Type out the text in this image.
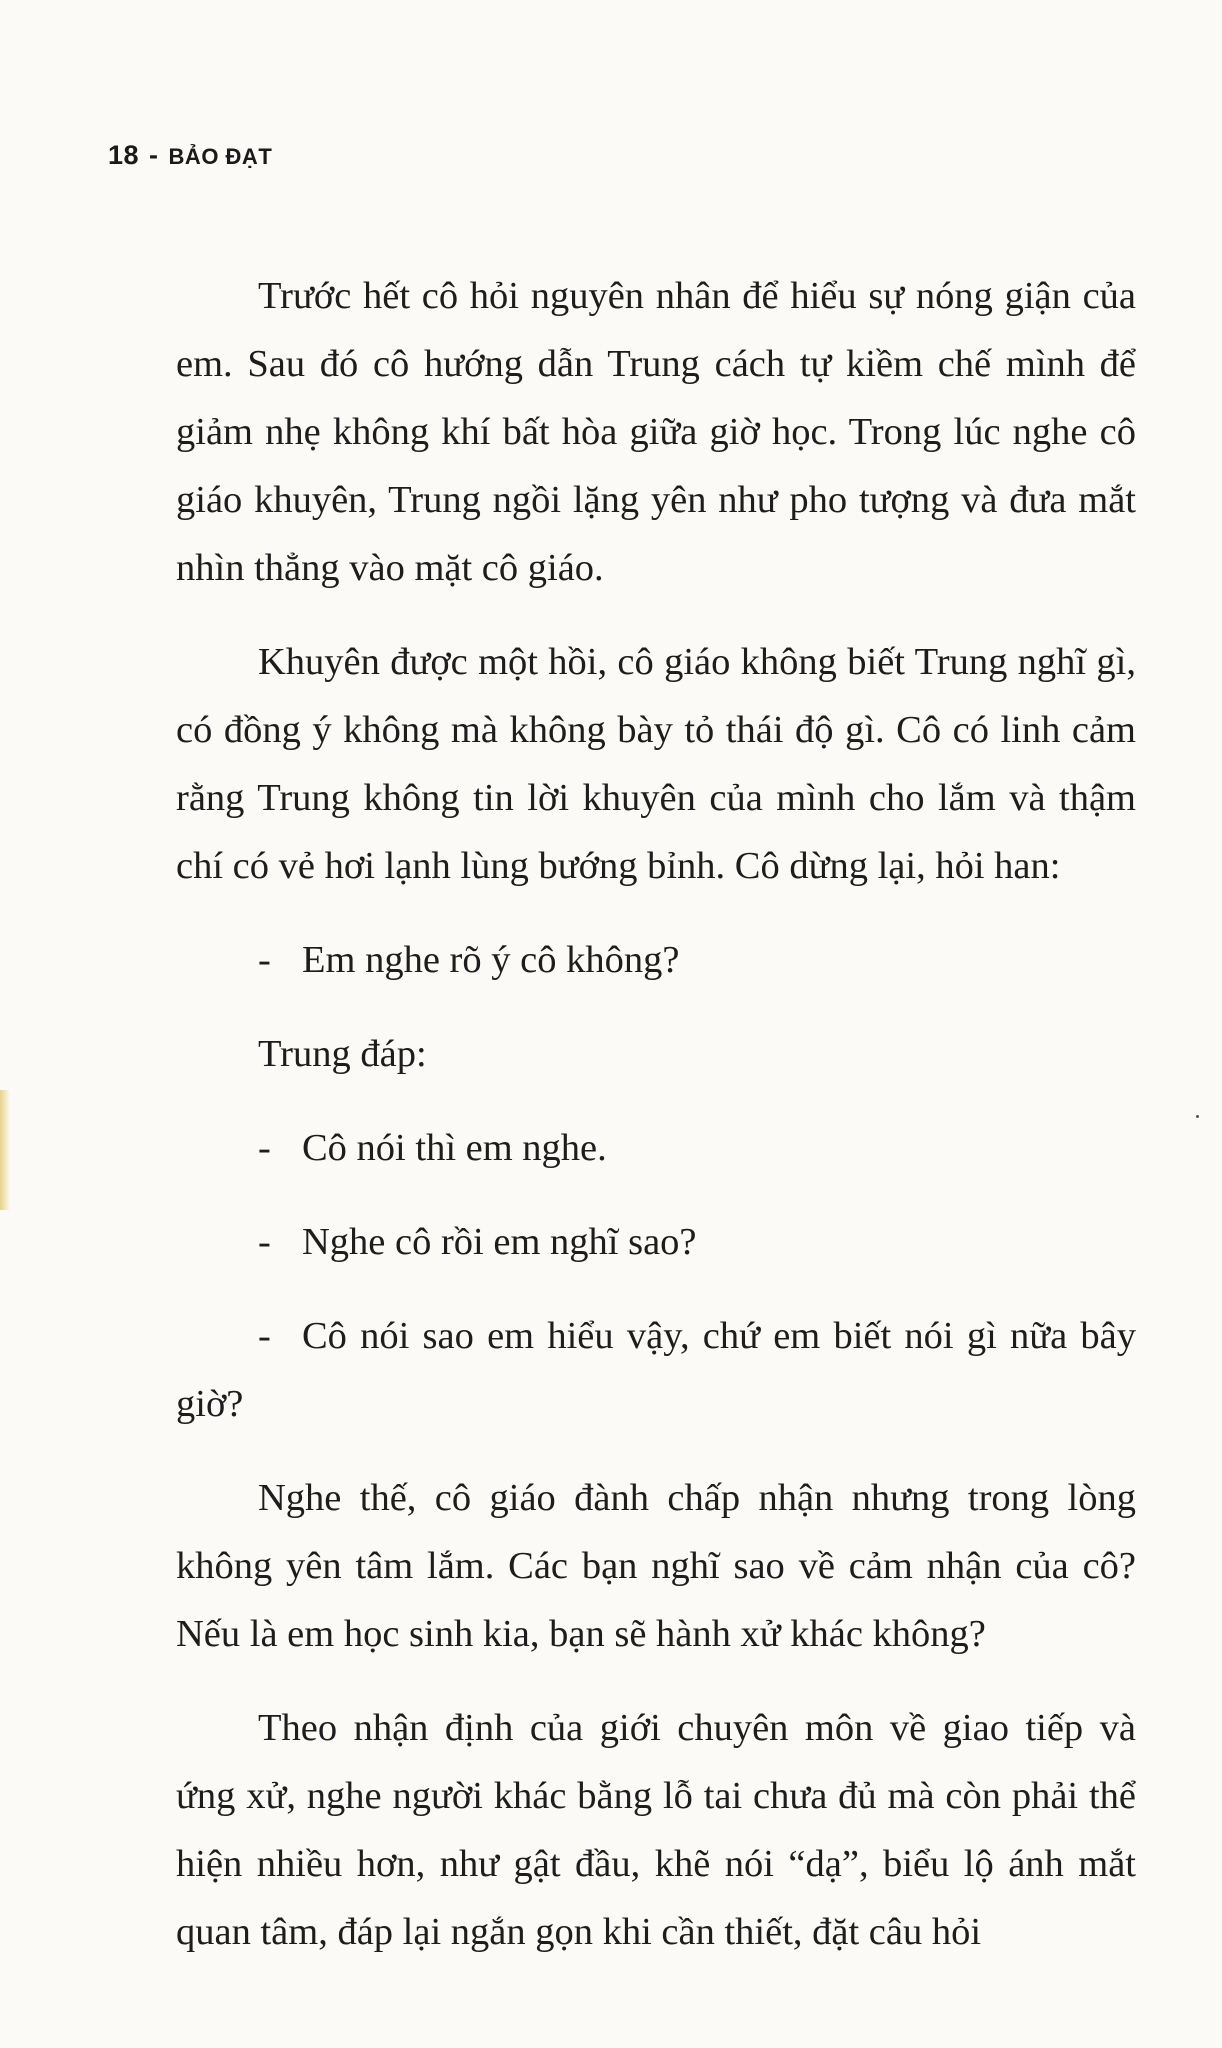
18 - BẢO ĐẠT

Trước hết cô hỏi nguyên nhân để hiểu sự nóng giận của em. Sau đó cô hướng dẫn Trung cách tự kiềm chế mình để giảm nhẹ không khí bất hòa giữa giờ học. Trong lúc nghe cô giáo khuyên, Trung ngồi lặng yên như pho tượng và đưa mắt nhìn thẳng vào mặt cô giáo.

Khuyên được một hồi, cô giáo không biết Trung nghĩ gì, có đồng ý không mà không bày tỏ thái độ gì. Cô có linh cảm rằng Trung không tin lời khuyên của mình cho lắm và thậm chí có vẻ hơi lạnh lùng bướng bỉnh. Cô dừng lại, hỏi han:

- Em nghe rõ ý cô không?

Trung đáp:

- Cô nói thì em nghe.

- Nghe cô rồi em nghĩ sao?

- Cô nói sao em hiểu vậy, chứ em biết nói gì nữa bây giờ?

Nghe thế, cô giáo đành chấp nhận nhưng trong lòng không yên tâm lắm. Các bạn nghĩ sao về cảm nhận của cô? Nếu là em học sinh kia, bạn sẽ hành xử khác không?

Theo nhận định của giới chuyên môn về giao tiếp và ứng xử, nghe người khác bằng lỗ tai chưa đủ mà còn phải thể hiện nhiều hơn, như gật đầu, khẽ nói “dạ”, biểu lộ ánh mắt quan tâm, đáp lại ngắn gọn khi cần thiết, đặt câu hỏi
